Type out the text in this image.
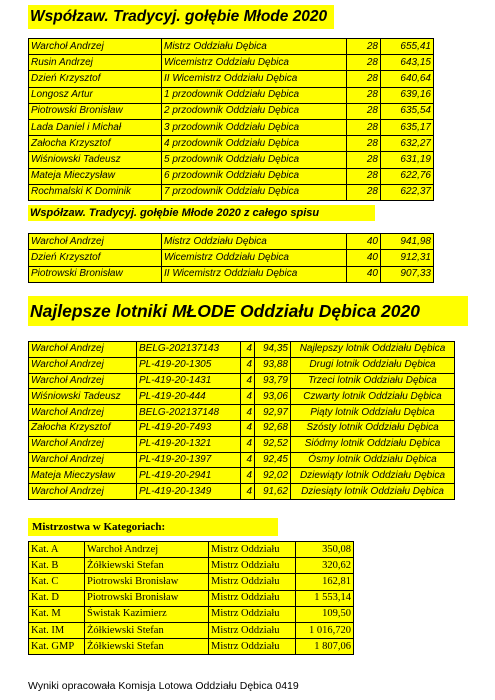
Współzaw. Tradycyj. gołębie Młode 2020
Warchoł Andrzej	Mistrz Oddziału Dębica	28	655,41
Rusin Andrzej	Wicemistrz Oddziału Dębica	28	643,15
Dzień Krzysztof	II Wicemistrz Oddziału Dębica	28	640,64
Longosz Artur	1 przodownik Oddziału Dębica	28	639,16
Piotrowski Bronisław	2 przodownik Oddziału Dębica	28	635,54
Lada Daniel i Michał	3 przodownik Oddziału Dębica	28	635,17
Załocha Krzysztof	4 przodownik Oddziału Dębica	28	632,27
Wiśniowski Tadeusz	5 przodownik Oddziału Dębica	28	631,19
Mateja Mieczysław	6 przodownik Oddziału Dębica	28	622,76
Rochmalski K Dominik	7 przodownik Oddziału Dębica	28	622,37
Współzaw. Tradycyj. gołębie Młode 2020 z całego spisu
Warchoł Andrzej	Mistrz Oddziału Dębica	40	941,98
Dzień Krzysztof	Wicemistrz Oddziału Dębica	40	912,31
Piotrowski Bronisław	II Wicemistrz Oddziału Dębica	40	907,33
Najlepsze lotniki MŁODE Oddziału Dębica 2020
Warchoł Andrzej	BELG-202137143	4	94,35	Najlepszy lotnik Oddziału Dębica
Warchoł Andrzej	PL-419-20-1305	4	93,88	Drugi lotnik Oddziału Dębica
Warchoł Andrzej	PL-419-20-1431	4	93,79	Trzeci lotnik Oddziału Dębica
Wiśniowski Tadeusz	PL-419-20-444	4	93,06	Czwarty lotnik Oddziału Dębica
Warchoł Andrzej	BELG-202137148	4	92,97	Piąty lotnik Oddziału Dębica
Załocha Krzysztof	PL-419-20-7493	4	92,68	Szósty lotnik Oddziału Dębica
Warchoł Andrzej	PL-419-20-1321	4	92,52	Siódmy lotnik Oddziału Dębica
Warchoł Andrzej	PL-419-20-1397	4	92,45	Ósmy lotnik Oddziału Dębica
Mateja Mieczysław	PL-419-20-2941	4	92,02	Dziewiąty lotnik Oddziału Dębica
Warchoł Andrzej	PL-419-20-1349	4	91,62	Dziesiąty lotnik Oddziału Dębica
Mistrzostwa w Kategoriach:
Kat. A	Warchoł Andrzej	Mistrz Oddziału	350,08
Kat. B	Żółkiewski Stefan	Mistrz Oddziału	320,62
Kat. C	Piotrowski Bronisław	Mistrz Oddziału	162,81
Kat. D	Piotrowski Bronisław	Mistrz Oddziału	1 553,14
Kat. M	Świstak Kazimierz	Mistrz Oddziału	109,50
Kat. IM	Żółkiewski Stefan	Mistrz Oddziału	1 016,720
Kat. GMP	Żółkiewski Stefan	Mistrz Oddziału	1 807,06
Wyniki opracowała Komisja Lotowa Oddziału Dębica 0419
